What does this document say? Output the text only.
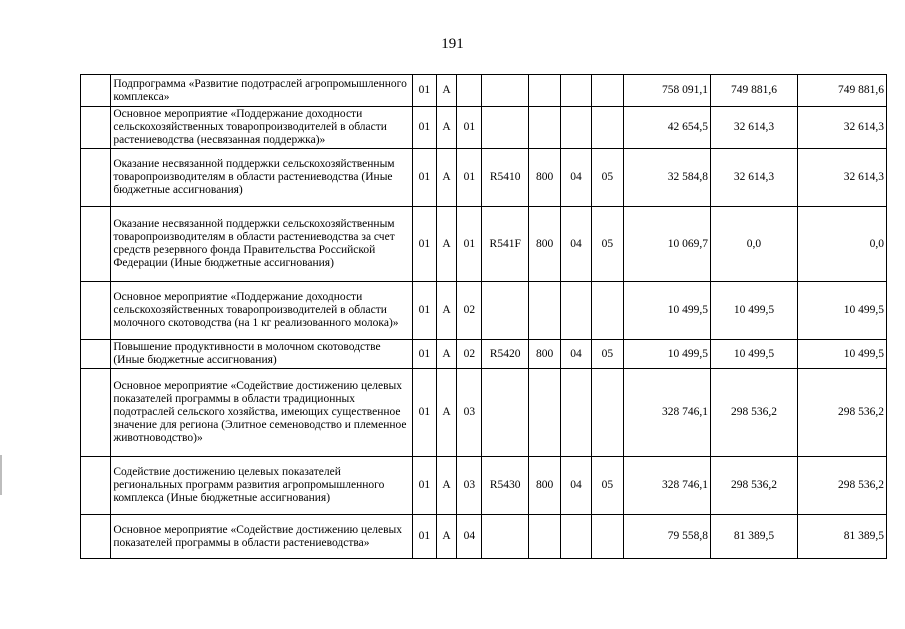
191
	Подпрограмма «Развитие подотраслей агропромышленного комплекса»	01	А						758 091,1	749 881,6	749 881,6
	Основное мероприятие «Поддержание доходности сельскохозяйственных товаропроизводителей в области растениеводства (несвязанная поддержка)»	01	А	01					42 654,5	32 614,3	32 614,3
	Оказание несвязанной поддержки сельскохозяйственным товаропроизводителям в области растениеводства (Иные бюджетные ассигнования)	01	А	01	R5410	800	04	05	32 584,8	32 614,3	32 614,3
	Оказание несвязанной поддержки сельскохозяйственным товаропроизводителям в области растениеводства за счет средств резервного фонда Правительства Российской Федерации (Иные бюджетные ассигнования)	01	А	01	R541F	800	04	05	10 069,7	0,0	0,0
	Основное мероприятие «Поддержание доходности сельскохозяйственных товаропроизводителей в области молочного скотоводства (на 1 кг реализованного молока)»	01	А	02					10 499,5	10 499,5	10 499,5
	Повышение продуктивности в молочном скотоводстве (Иные бюджетные ассигнования)	01	А	02	R5420	800	04	05	10 499,5	10 499,5	10 499,5
	Основное мероприятие «Содействие достижению целевых показателей программы в области традиционных подотраслей сельского хозяйства, имеющих существенное значение для региона (Элитное семеноводство и племенное животноводство)»	01	А	03					328 746,1	298 536,2	298 536,2
	Содействие достижению целевых показателей региональных программ развития агропромышленного комплекса (Иные бюджетные ассигнования)	01	А	03	R5430	800	04	05	328 746,1	298 536,2	298 536,2
	Основное мероприятие «Содействие достижению целевых показателей программы в области растениеводства»	01	А	04					79 558,8	81 389,5	81 389,5
